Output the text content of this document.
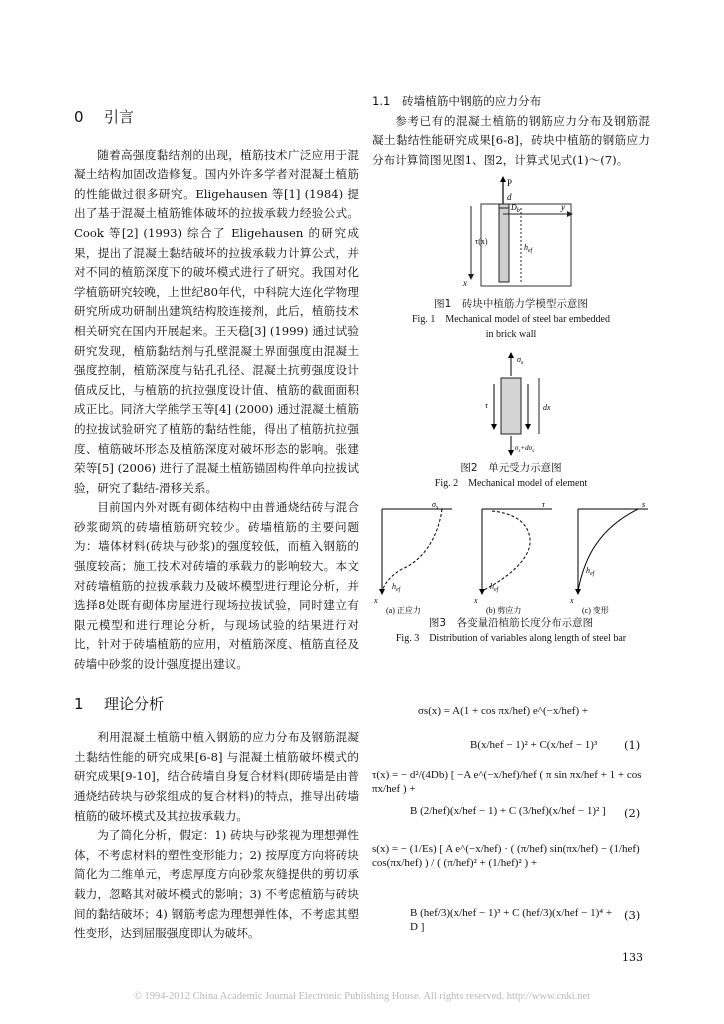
0 引言

随着高强度黏结剂的出现，植筋技术广泛应用于混凝土结构加固改造修复。国内外许多学者对混凝土植筋的性能做过很多研究。Eligehausen 等[1] (1984) 提出了基于混凝土植筋锥体破坏的拉拔承载力经验公式。Cook 等[2] (1993) 综合了 Eligehausen 的研究成果，提出了混凝土黏结破坏的拉拔承载力计算公式，并对不同的植筋深度下的破坏模式进行了研究。我国对化学植筋研究较晚，上世纪80年代，中科院大连化学物理研究所成功研制出建筑结构胶连接剂，此后，植筋技术相关研究在国内开展起来。王天稳[3] (1999) 通过试验研究发现，植筋黏结剂与孔壁混凝土界面强度由混凝土强度控制，植筋深度与钻孔孔径、混凝土抗剪强度设计值成反比，与植筋的抗拉强度设计值、植筋的截面面积成正比。同济大学熊学玉等[4] (2000) 通过混凝土植筋的拉拔试验研究了植筋的黏结性能，得出了植筋抗拉强度、植筋破坏形态及植筋深度对破坏形态的影响。张建荣等[5] (2006) 进行了混凝土植筋锚固构件单向拉拔试验，研究了黏结-滑移关系。

目前国内外对既有砌体结构中由普通烧结砖与混合砂浆砌筑的砖墙植筋研究较少。砖墙植筋的主要问题为：墙体材料(砖块与砂浆)的强度较低，而植入钢筋的强度较高；施工技术对砖墙的承载力的影响较大。本文对砖墙植筋的拉拔承载力及破坏模型进行理论分析，并选择8处既有砌体房屋进行现场拉拔试验，同时建立有限元模型和进行理论分析，与现场试验的结果进行对比，针对于砖墙植筋的应用，对植筋深度、植筋直径及砖墙中砂浆的设计强度提出建议。

1 理论分析

利用混凝土植筋中植入钢筋的应力分布及钢筋混凝土黏结性能的研究成果[6-8] 与混凝土植筋破坏模式的研究成果[9-10]，结合砖墙自身复合材料(即砖墙是由普通烧结砖块与砂浆组成的复合材料)的特点，推导出砖墙植筋的破坏模式及其拉拔承载力。

为了简化分析，假定：1) 砖块与砂浆视为理想弹性体，不考虑材料的塑性变形能力；2) 按厚度方向将砖块简化为二维单元，考虑厚度方向砂浆灰缝提供的剪切承载力，忽略其对破坏模式的影响；3) 不考虑植筋与砖块间的黏结破坏；4) 钢筋考虑为理想弹性体，不考虑其塑性变形，达到屈服强度即认为破坏。

1.1　砖墙植筋中钢筋的应力分布

参考已有的混凝土植筋的钢筋应力分布及钢筋混凝土黏结性能研究成果[6-8]，砖块中植筋的钢筋应力分布计算简图见图1、图2，计算式见式(1)～(7)。

P
d
$D_b$	y
τ(x)
$h_{ef}$
x
图1　砖块中植筋力学模型示意图
Fig. 1　Mechanical model of steel bar embedded
in brick wall
$\sigma_s$
τ	dx
$\sigma_s+d\sigma_s$
图2　单元受力示意图
Fig. 2　Mechanical model of element
$\sigma_s$
$h_{ef}$
x
(a) 正应力
τ
$h_{ef}$
x
(b) 剪应力
s
$h_{ef}$
x
(c) 变形
图3　各变量沿植筋长度分布示意图
Fig. 3　Distribution of variables along length of steel bar
σs(x) = A(1 + cos πx/hef) e^(−x/hef) +
B(x/hef − 1)² + C(x/hef − 1)³	(1)
τ(x) = − d²/(4Db) [ −A e^(−x/hef)/hef ( π sin πx/hef + 1 + cos πx/hef ) +
B (2/hef)(x/hef − 1) + C (3/hef)(x/hef − 1)² ]	(2)
s(x) = − (1/Es) [ A e^(−x/hef) · ( (π/hef) sin(πx/hef) − (1/hef) cos(πx/hef) ) / ( (π/hef)² + (1/hef)² ) +
B (hef/3)(x/hef − 1)³ + C (hef/3)(x/hef − 1)⁴ + D ]
(3)
133
© 1994-2012 China Academic Journal Electronic Publishing House. All rights reserved. http://www.cnki.net
